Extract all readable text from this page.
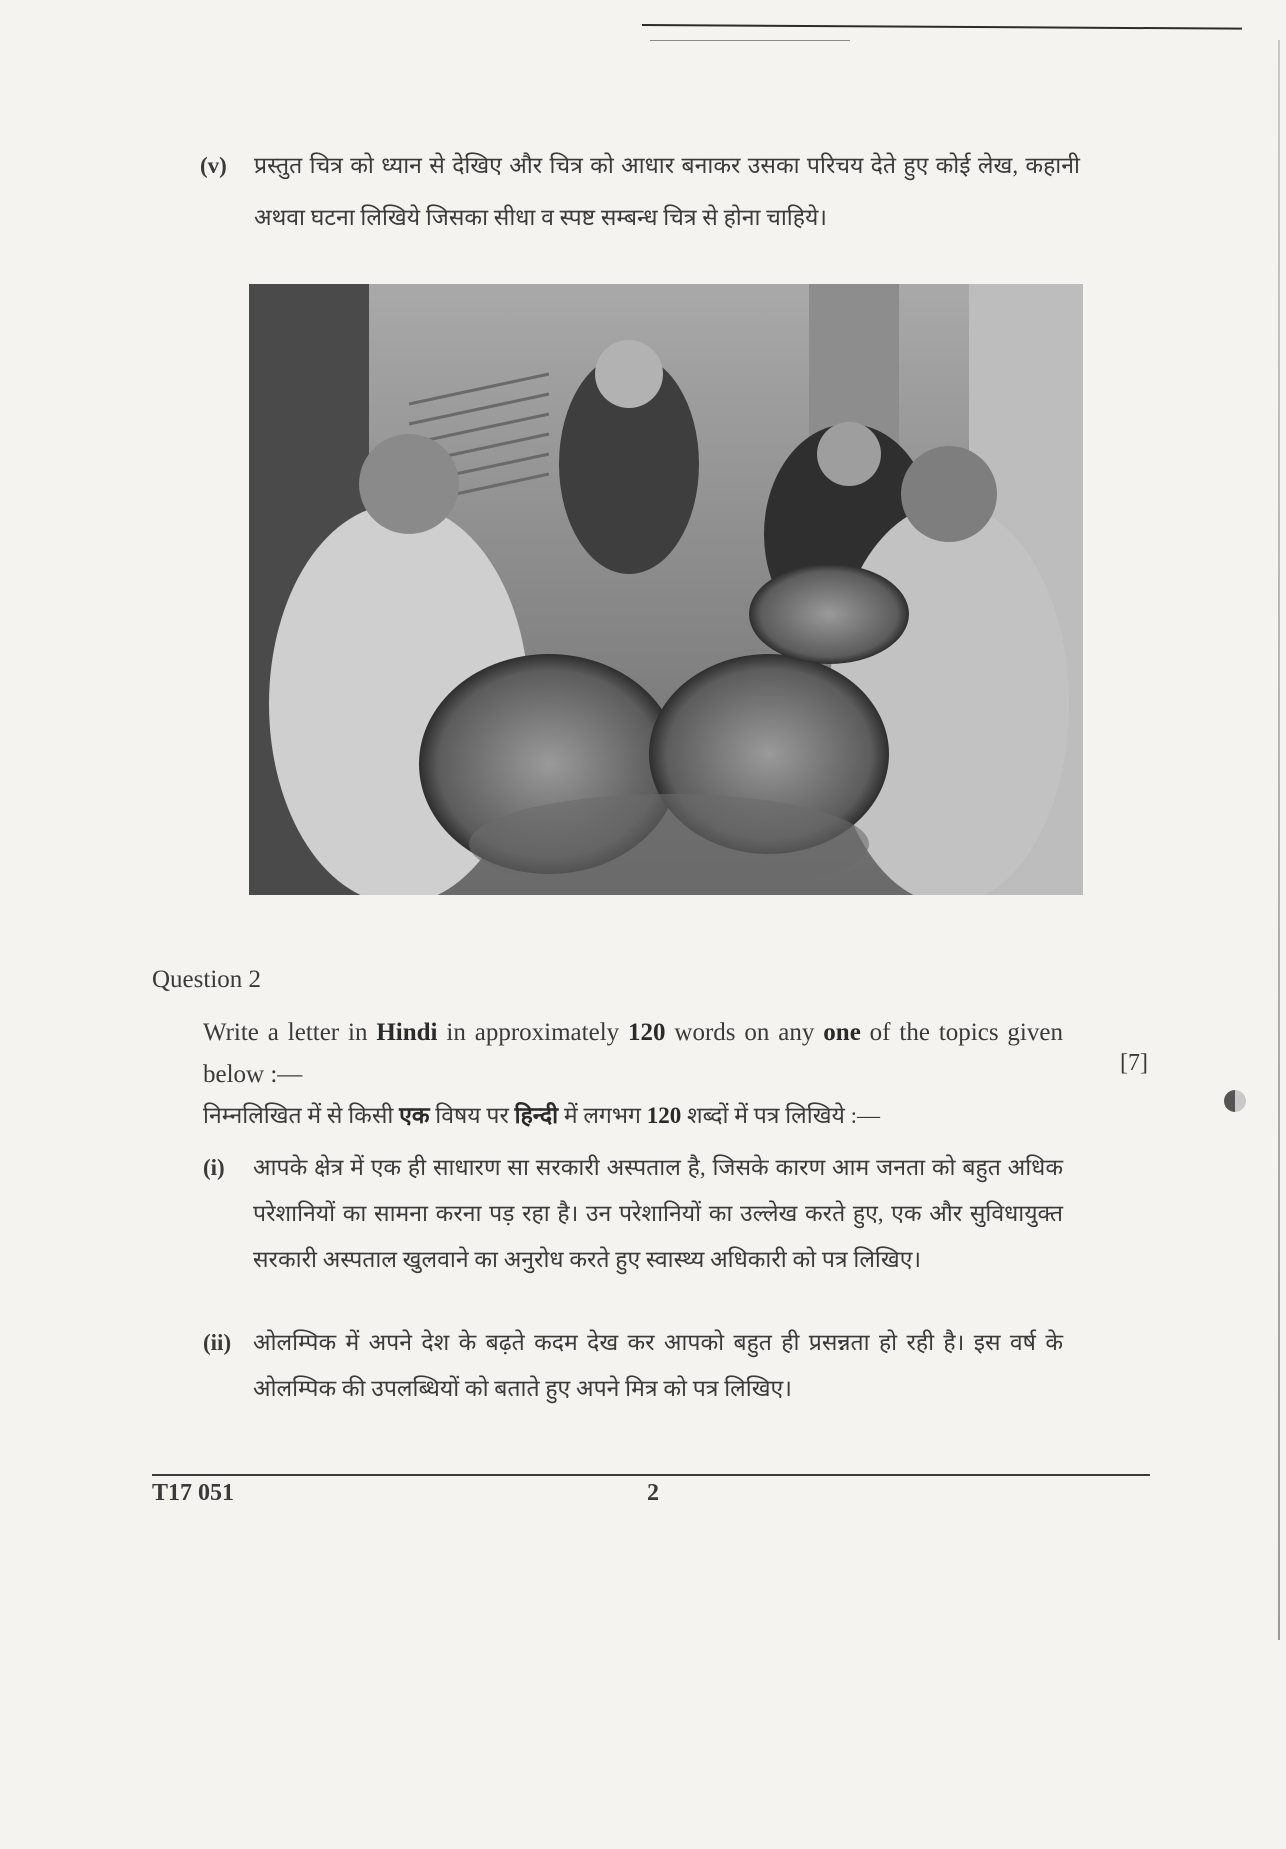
(v) प्रस्तुत चित्र को ध्यान से देखिए और चित्र को आधार बनाकर उसका परिचय देते हुए कोई लेख, कहानी अथवा घटना लिखिये जिसका सीधा व स्पष्ट सम्बन्ध चित्र से होना चाहिये।
Question 2
Write a letter in Hindi in approximately 120 words on any one of the topics given below :—	[7]
निम्नलिखित में से किसी एक विषय पर हिन्दी में लगभग 120 शब्दों में पत्र लिखिये :—
(i) आपके क्षेत्र में एक ही साधारण सा सरकारी अस्पताल है, जिसके कारण आम जनता को बहुत अधिक परेशानियों का सामना करना पड़ रहा है। उन परेशानियों का उल्लेख करते हुए, एक और सुविधायुक्त सरकारी अस्पताल खुलवाने का अनुरोध करते हुए स्वास्थ्य अधिकारी को पत्र लिखिए।
(ii) ओलम्पिक में अपने देश के बढ़ते कदम देख कर आपको बहुत ही प्रसन्नता हो रही है। इस वर्ष के ओलम्पिक की उपलब्धियों को बताते हुए अपने मित्र को पत्र लिखिए।
T17 051	2
